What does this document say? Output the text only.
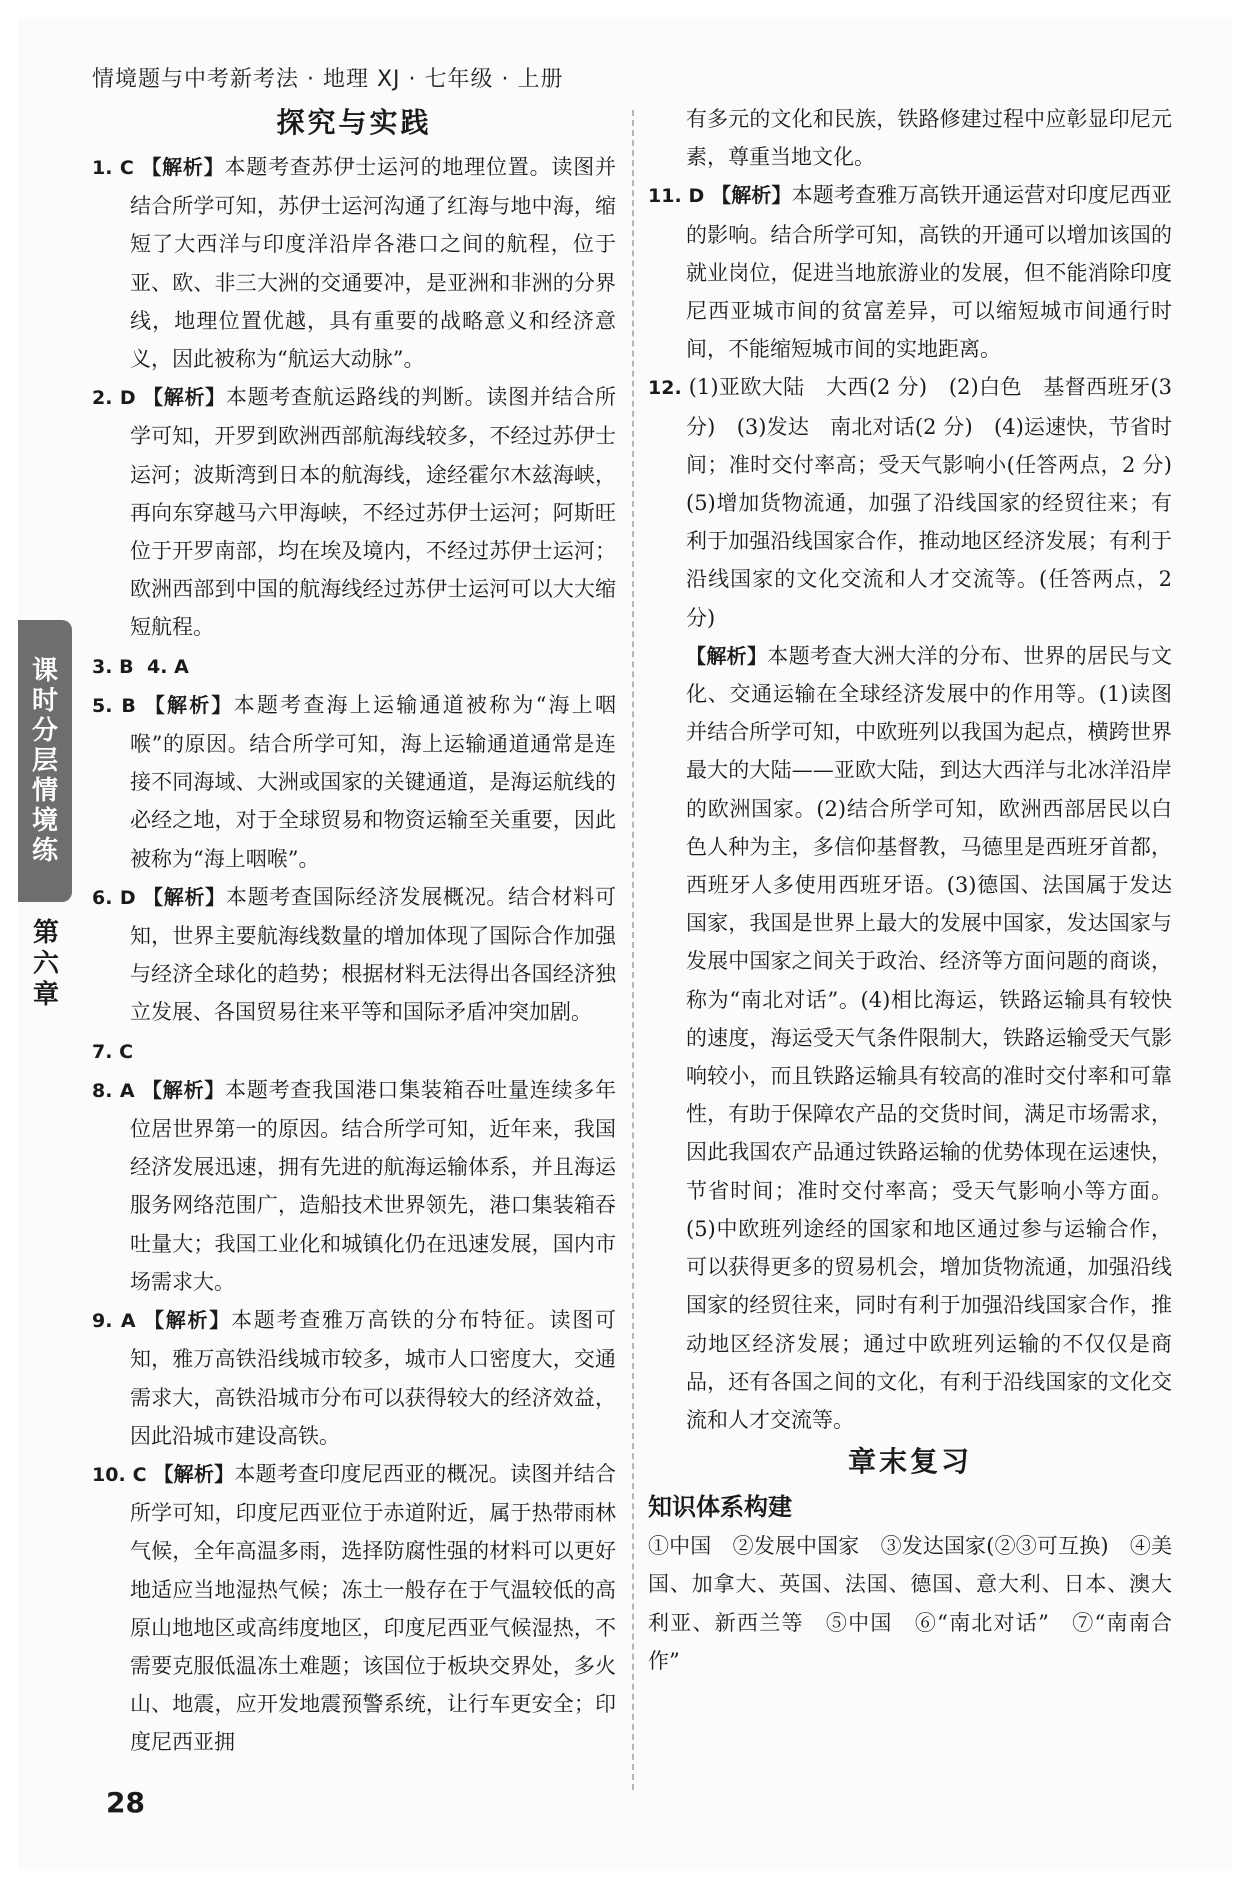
情境题与中考新考法 · 地理 XJ · 七年级 · 上册
课
时
分
层
情
境
练
第
六
章
探究与实践

1. C 【解析】本题考查苏伊士运河的地理位置。读图并结合所学可知，苏伊士运河沟通了红海与地中海，缩短了大西洋与印度洋沿岸各港口之间的航程，位于亚、欧、非三大洲的交通要冲，是亚洲和非洲的分界线，地理位置优越，具有重要的战略意义和经济意义，因此被称为“航运大动脉”。

2. D 【解析】本题考查航运路线的判断。读图并结合所学可知，开罗到欧洲西部航海线较多，不经过苏伊士运河；波斯湾到日本的航海线，途经霍尔木兹海峡，再向东穿越马六甲海峡，不经过苏伊士运河；阿斯旺位于开罗南部，均在埃及境内，不经过苏伊士运河；欧洲西部到中国的航海线经过苏伊士运河可以大大缩短航程。

3. B 4. A

5. B 【解析】本题考查海上运输通道被称为“海上咽喉”的原因。结合所学可知，海上运输通道通常是连接不同海域、大洲或国家的关键通道，是海运航线的必经之地，对于全球贸易和物资运输至关重要，因此被称为“海上咽喉”。

6. D 【解析】本题考查国际经济发展概况。结合材料可知，世界主要航海线数量的增加体现了国际合作加强与经济全球化的趋势；根据材料无法得出各国经济独立发展、各国贸易往来平等和国际矛盾冲突加剧。

7. C

8. A 【解析】本题考查我国港口集装箱吞吐量连续多年位居世界第一的原因。结合所学可知，近年来，我国经济发展迅速，拥有先进的航海运输体系，并且海运服务网络范围广，造船技术世界领先，港口集装箱吞吐量大；我国工业化和城镇化仍在迅速发展，国内市场需求大。

9. A 【解析】本题考查雅万高铁的分布特征。读图可知，雅万高铁沿线城市较多，城市人口密度大，交通需求大，高铁沿城市分布可以获得较大的经济效益，因此沿城市建设高铁。

10. C 【解析】本题考查印度尼西亚的概况。读图并结合所学可知，印度尼西亚位于赤道附近，属于热带雨林气候，全年高温多雨，选择防腐性强的材料可以更好地适应当地湿热气候；冻土一般存在于气温较低的高原山地地区或高纬度地区，印度尼西亚气候湿热，不需要克服低温冻土难题；该国位于板块交界处，多火山、地震，应开发地震预警系统，让行车更安全；印度尼西亚拥

有多元的文化和民族，铁路修建过程中应彰显印尼元素，尊重当地文化。

11. D 【解析】本题考查雅万高铁开通运营对印度尼西亚的影响。结合所学可知，高铁的开通可以增加该国的就业岗位，促进当地旅游业的发展，但不能消除印度尼西亚城市间的贫富差异，可以缩短城市间通行时间，不能缩短城市间的实地距离。

12. (1)亚欧大陆　大西(2 分)　(2)白色　基督西班牙(3 分)　(3)发达　南北对话(2 分)　(4)运速快，节省时间；准时交付率高；受天气影响小(任答两点，2 分)　(5)增加货物流通，加强了沿线国家的经贸往来；有利于加强沿线国家合作，推动地区经济发展；有利于沿线国家的文化交流和人才交流等。(任答两点，2 分)

【解析】本题考查大洲大洋的分布、世界的居民与文化、交通运输在全球经济发展中的作用等。(1)读图并结合所学可知，中欧班列以我国为起点，横跨世界最大的大陆——亚欧大陆，到达大西洋与北冰洋沿岸的欧洲国家。(2)结合所学可知，欧洲西部居民以白色人种为主，多信仰基督教，马德里是西班牙首都，西班牙人多使用西班牙语。(3)德国、法国属于发达国家，我国是世界上最大的发展中国家，发达国家与发展中国家之间关于政治、经济等方面问题的商谈，称为“南北对话”。(4)相比海运，铁路运输具有较快的速度，海运受天气条件限制大，铁路运输受天气影响较小，而且铁路运输具有较高的准时交付率和可靠性，有助于保障农产品的交货时间，满足市场需求，因此我国农产品通过铁路运输的优势体现在运速快，节省时间；准时交付率高；受天气影响小等方面。(5)中欧班列途经的国家和地区通过参与运输合作，可以获得更多的贸易机会，增加货物流通，加强沿线国家的经贸往来，同时有利于加强沿线国家合作，推动地区经济发展；通过中欧班列运输的不仅仅是商品，还有各国之间的文化，有利于沿线国家的文化交流和人才交流等。

章末复习
知识体系构建

①中国　②发展中国家　③发达国家(②③可互换)　④美国、加拿大、英国、法国、德国、意大利、日本、澳大利亚、新西兰等　⑤中国　⑥“南北对话”　⑦“南南合作”

28
